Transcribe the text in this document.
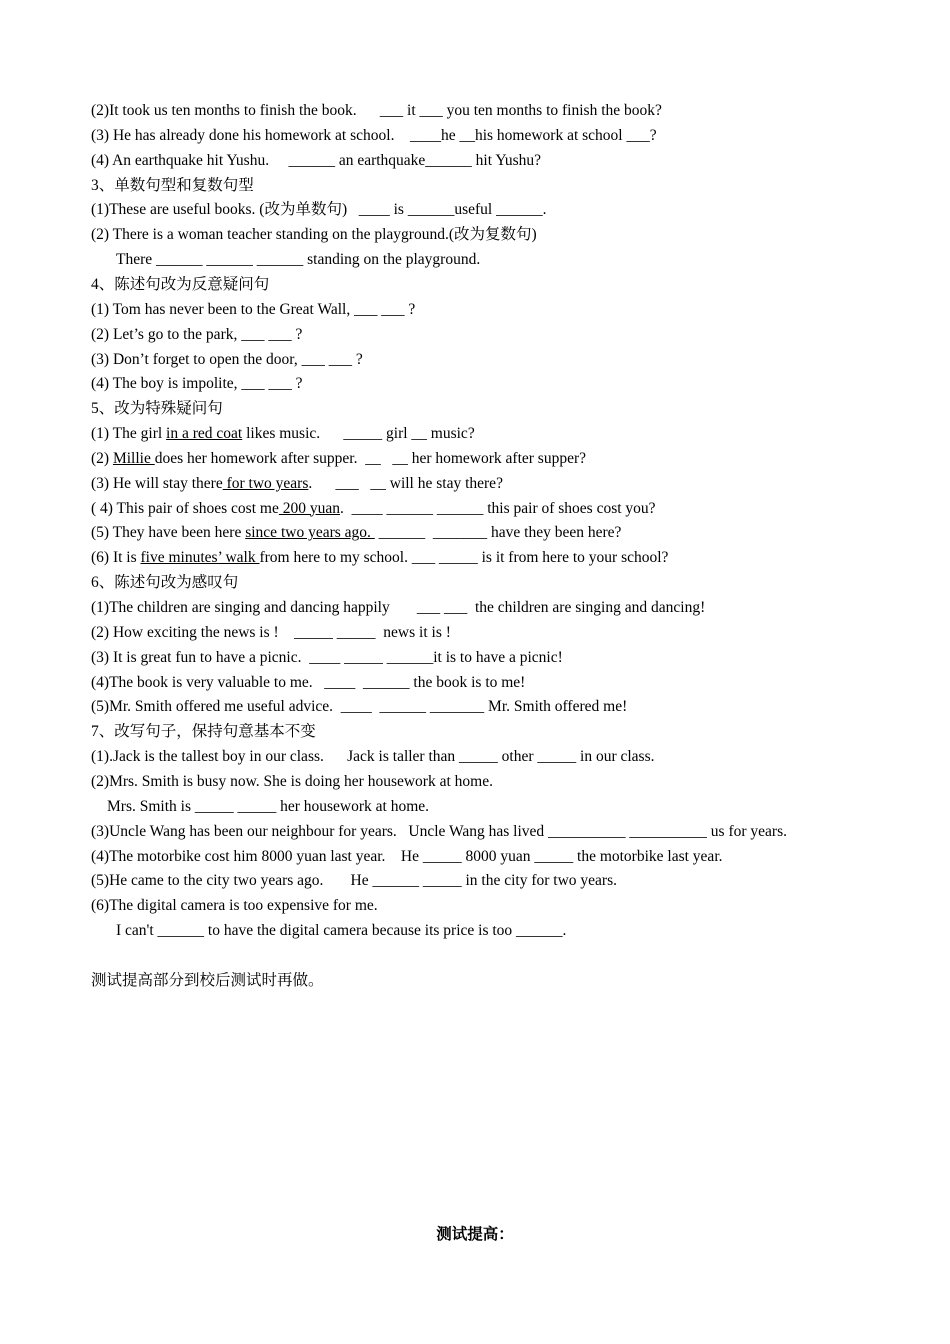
(2)It took us ten months to finish the book.      ___ it ___ you ten months to finish the book?
(3) He has already done his homework at school.    ____he __his homework at school ___?
(4) An earthquake hit Yushu.     ______ an earthquake______ hit Yushu?
3、单数句型和复数句型
(1)These are useful books. (改为单数句)   ____ is ______useful ______.
(2) There is a woman teacher standing on the playground.(改为复数句)
There ______ ______ ______ standing on the playground.
4、陈述句改为反意疑问句
(1) Tom has never been to the Great Wall, ___ ___ ?
(2) Let’s go to the park, ___ ___ ?
(3) Don’t forget to open the door, ___ ___ ?
(4) The boy is impolite, ___ ___ ?
5、改为特殊疑问句
(1) The girl in a red coat likes music.      _____ girl __ music?
(2) Millie does her homework after supper.  __   __ her homework after supper?
(3) He will stay there for two years.      ___   __ will he stay there?
( 4) This pair of shoes cost me 200 yuan.  ____ ______ ______ this pair of shoes cost you?
(5) They have been here since two years ago.  ______  _______ have they been here?
(6) It is five minutes’ walk from here to my school. ___ _____ is it from here to your school?
6、陈述句改为感叹句
(1)The children are singing and dancing happily       ___ ___  the children are singing and dancing!
(2) How exciting the news is !    _____ _____  news it is !
(3) It is great fun to have a picnic.  ____ _____ ______it is to have a picnic!
(4)The book is very valuable to me.   ____  ______ the book is to me!
(5)Mr. Smith offered me useful advice.  ____  ______ _______ Mr. Smith offered me!
7、改写句子，保持句意基本不变
(1).Jack is the tallest boy in our class.      Jack is taller than _____ other _____ in our class.
(2)Mrs. Smith is busy now. She is doing her housework at home.
Mrs. Smith is _____ _____ her housework at home.
(3)Uncle Wang has been our neighbour for years.   Uncle Wang has lived __________ __________ us for years.
(4)The motorbike cost him 8000 yuan last year.    He _____ 8000 yuan _____ the motorbike last year.
(5)He came to the city two years ago.       He ______ _____ in the city for two years.
(6)The digital camera is too expensive for me.
I can't ______ to have the digital camera because its price is too ______.
测试提高部分到校后测试时再做。
测试提高：
